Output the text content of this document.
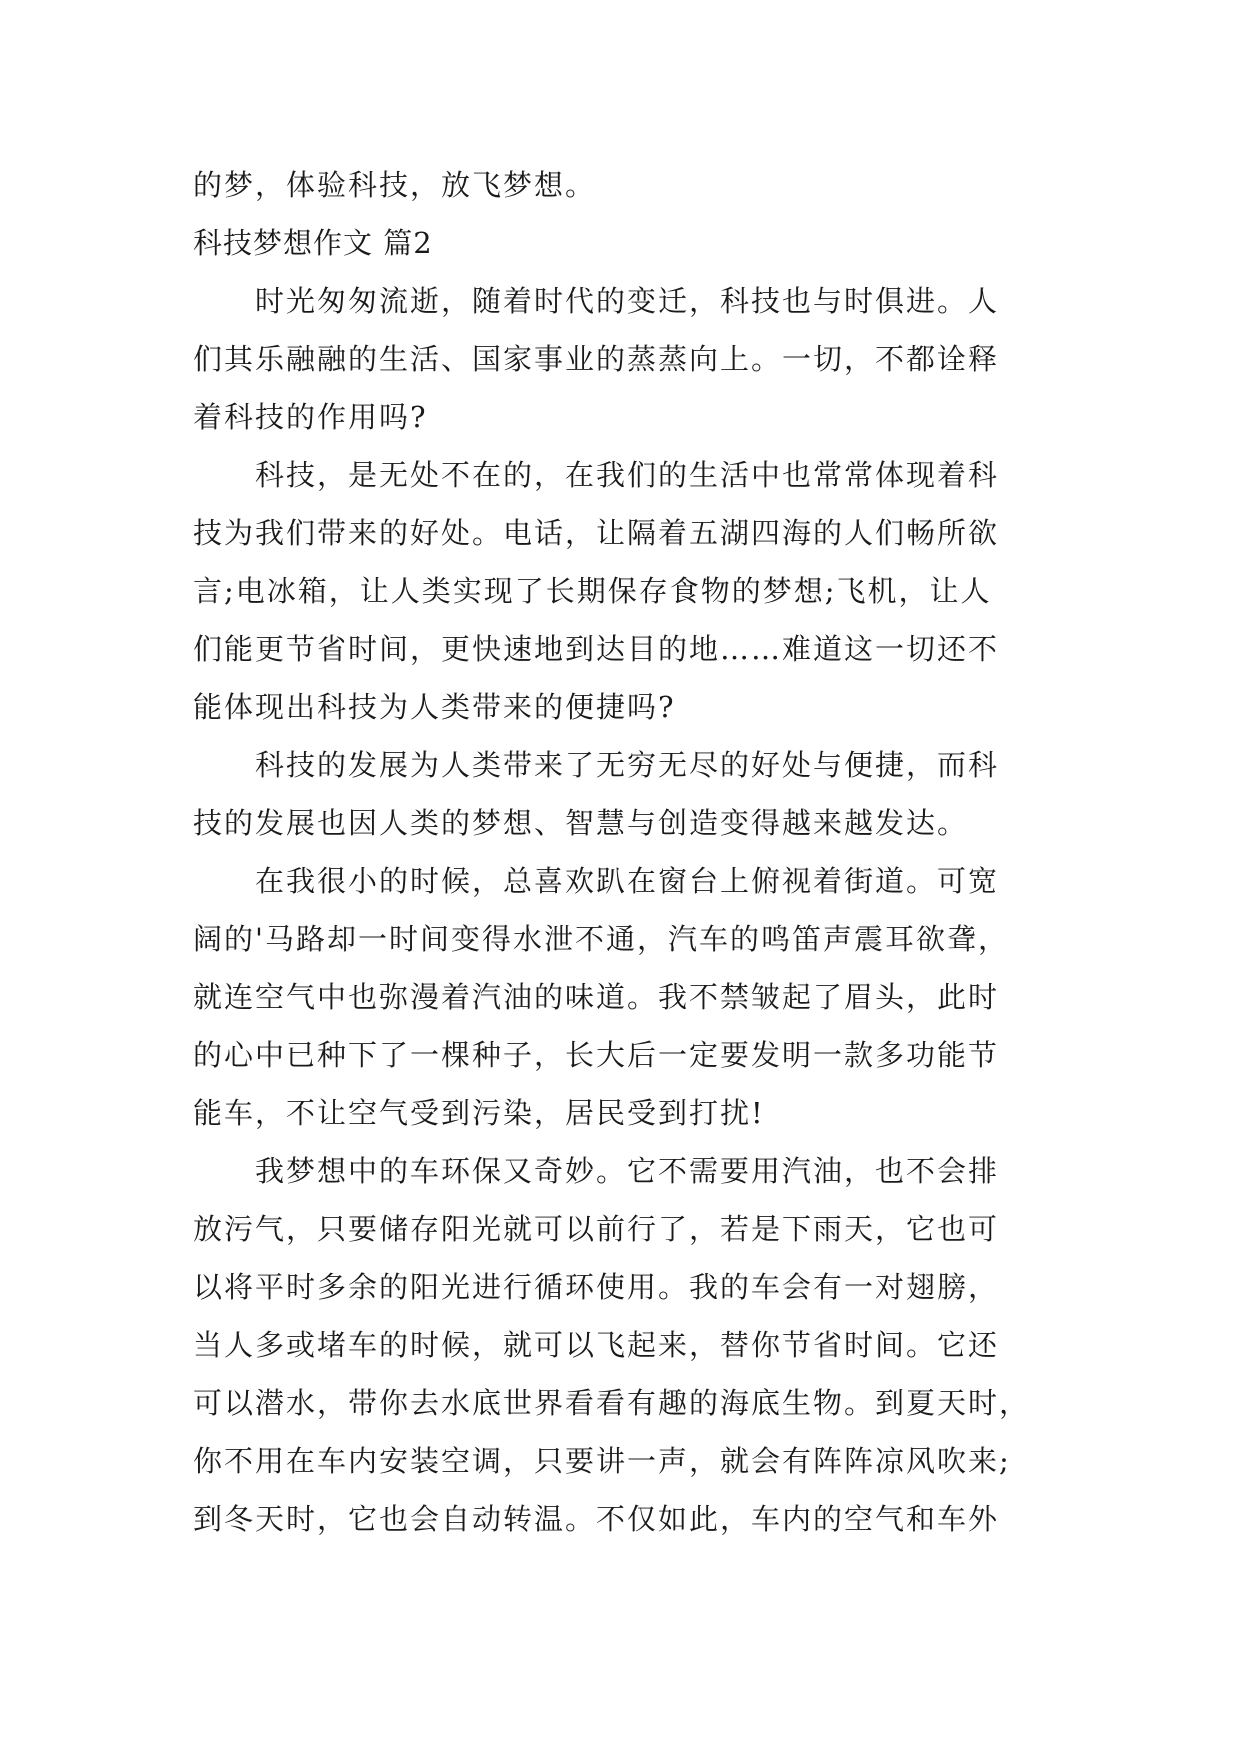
的梦，体验科技，放飞梦想。
科技梦想作文 篇2
　　时光匆匆流逝，随着时代的变迁，科技也与时俱进。人
们其乐融融的生活、国家事业的蒸蒸向上。一切，不都诠释
着科技的作用吗?
　　科技，是无处不在的，在我们的生活中也常常体现着科
技为我们带来的好处。电话，让隔着五湖四海的人们畅所欲
言;电冰箱，让人类实现了长期保存食物的梦想;飞机，让人
们能更节省时间，更快速地到达目的地……难道这一切还不
能体现出科技为人类带来的便捷吗?
　　科技的发展为人类带来了无穷无尽的好处与便捷，而科
技的发展也因人类的梦想、智慧与创造变得越来越发达。
　　在我很小的时候，总喜欢趴在窗台上俯视着街道。可宽
阔的'马路却一时间变得水泄不通，汽车的鸣笛声震耳欲聋，
就连空气中也弥漫着汽油的味道。我不禁皱起了眉头，此时
的心中已种下了一棵种子，长大后一定要发明一款多功能节
能车，不让空气受到污染，居民受到打扰!
　　我梦想中的车环保又奇妙。它不需要用汽油，也不会排
放污气，只要储存阳光就可以前行了，若是下雨天，它也可
以将平时多余的阳光进行循环使用。我的车会有一对翅膀，
当人多或堵车的时候，就可以飞起来，替你节省时间。它还
可以潜水，带你去水底世界看看有趣的海底生物。到夏天时，
你不用在车内安装空调，只要讲一声，就会有阵阵凉风吹来;
到冬天时，它也会自动转温。不仅如此，车内的空气和车外
